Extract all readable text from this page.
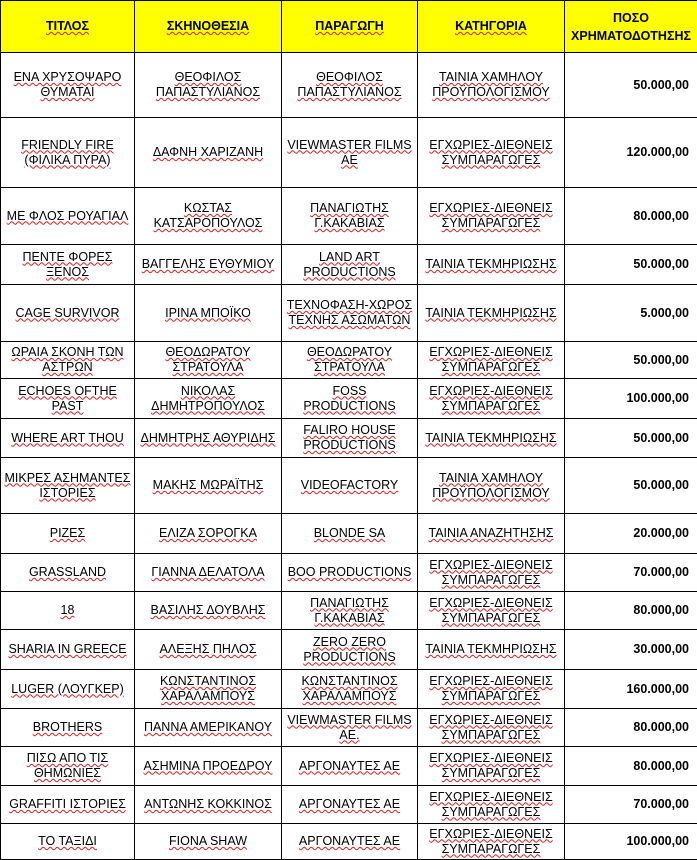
ΤΙΤΛΟΣ	ΣΚΗΝΟΘΕΣΙΑ	ΠΑΡΑΓΩΓΗ	ΚΑΤΗΓΟΡΙΑ	ΠΟΣΟ
ΧΡΗΜΑΤΟΔΟΤΗΣΗΣ
ΕΝΑ ΧΡΥΣΟΨΑΡΟ ΘΥΜΑΤΑΙ	ΘΕΟΦΙΛΟΣ ΠΑΠΑΣΤΥΛΙΑΝΟΣ	ΘΕΟΦΙΛΟΣ ΠΑΠΑΣΤΥΛΙΑΝΟΣ	ΤΑΙΝΙΑ ΧΑΜΗΛΟΥ ΠΡΟΫΠΟΛΟΓΙΣΜΟΥ	50.000,00
FRIENDLY FIRE (ΦΙΛΙΚΑ ΠΥΡΑ)	ΔΑΦΝΗ ΧΑΡΙΖΑΝΗ	VIEWMASTER FILMS AE	ΕΓΧΩΡΙΕΣ-ΔΙΕΘΝΕΙΣ ΣΥΜΠΑΡΑΓΩΓΕΣ	120.000,00
ΜΕ ΦΛΟΣ ΡΟΥΑΓΙΑΛ	ΚΩΣΤΑΣ ΚΑΤΣΑΡΟΠΟΥΛΟΣ	ΠΑΝΑΓΙΩΤΗΣ Γ.ΚΑΚΑΒΙΑΣ	ΕΓΧΩΡΙΕΣ-ΔΙΕΘΝΕΙΣ ΣΥΜΠΑΡΑΓΩΓΕΣ	80.000,00
ΠΕΝΤΕ ΦΟΡΕΣ ΞΕΝΟΣ	ΒΑΓΓΕΛΗΣ ΕΥΘΥΜΙΟΥ	LAND ART PRODUCTIONS	ΤΑΙΝΙΑ ΤΕΚΜΗΡΙΩΣΗΣ	50.000,00
CAGE SURVIVOR	ΙΡΙΝΑ ΜΠΟΪΚΟ	ΤΕΧΝΟΦΑΣΗ-ΧΩΡΟΣ ΤΕΧΝΗΣ ΑΣΩΜΑΤΩΝ	ΤΑΙΝΙΑ ΤΕΚΜΗΡΙΩΣΗΣ	5.000,00
ΩΡΑΙΑ ΣΚΟΝΗ ΤΩΝ ΑΣΤΡΩΝ	ΘΕΟΔΩΡΑΤΟΥ ΣΤΡΑΤΟΥΛΑ	ΘΕΟΔΩΡΑΤΟΥ ΣΤΡΑΤΟΥΛΑ	ΕΓΧΩΡΙΕΣ-ΔΙΕΘΝΕΙΣ ΣΥΜΠΑΡΑΓΩΓΕΣ	50.000,00
ECHOES OFTHE PAST	ΝΙΚΟΛΑΣ ΔΗΜΗΤΡΟΠΟΥΛΟΣ	FOSS PRODUCTIONS	ΕΓΧΩΡΙΕΣ-ΔΙΕΘΝΕΙΣ ΣΥΜΠΑΡΑΓΩΓΕΣ	100.000,00
WHERE ART THOU	ΔΗΜΗΤΡΗΣ ΑΘΥΡΙΔΗΣ	FALIRO HOUSE PRODUCTIONS	ΤΑΙΝΙΑ ΤΕΚΜΗΡΙΩΣΗΣ	50.000,00
ΜΙΚΡΕΣ ΑΣΗΜΑΝΤΕΣ ΙΣΤΟΡΙΕΣ	ΜΑΚΗΣ ΜΩΡΑΪΤΗΣ	VIDEOFACTORY	ΤΑΙΝΙΑ ΧΑΜΗΛΟΥ ΠΡΟΫΠΟΛΟΓΙΣΜΟΥ	50.000,00
ΡΙΖΕΣ	ΕΛΙΖΑ ΣΟΡΟΓΚΑ	BLONDE SA	ΤΑΙΝΙΑ ΑΝΑΖΗΤΗΣΗΣ	20.000,00
GRASSLAND	ΓΙΑΝΝΑ ΔΕΛΑΤΟΛΑ	BOO PRODUCTIONS	ΕΓΧΩΡΙΕΣ-ΔΙΕΘΝΕΙΣ ΣΥΜΠΑΡΑΓΩΓΕΣ	70.000,00
18	ΒΑΣΙΛΗΣ ΔΟΥΒΛΗΣ	ΠΑΝΑΓΙΩΤΗΣ Γ.ΚΑΚΑΒΙΑΣ	ΕΓΧΩΡΙΕΣ-ΔΙΕΘΝΕΙΣ ΣΥΜΠΑΡΑΓΩΓΕΣ	80.000,00
SHARIA IN GREECE	ΑΛΕΞΗΣ ΠΗΛΟΣ	ZERO ZERO PRODUCTIONS	ΤΑΙΝΙΑ ΤΕΚΜΗΡΙΩΣΗΣ	30.000,00
LUGER (ΛΟΥΓΚΕΡ)	ΚΩΝΣΤΑΝΤΙΝΟΣ ΧΑΡΑΛΑΜΠΟΥΣ	ΚΩΝΣΤΑΝΤΙΝΟΣ ΧΑΡΑΛΑΜΠΟΥΣ	ΕΓΧΩΡΙΕΣ-ΔΙΕΘΝΕΙΣ ΣΥΜΠΑΡΑΓΩΓΕΣ	160.000,00
BROTHERS	ΠΑΝΝΑ ΑΜΕΡΙΚΑΝΟΥ	VIEWMASTER FILMS AE.	ΕΓΧΩΡΙΕΣ-ΔΙΕΘΝΕΙΣ ΣΥΜΠΑΡΑΓΩΓΕΣ	80.000,00
ΠΙΣΩ ΑΠΟ ΤΙΣ ΘΗΜΩΝΙΕΣ	ΑΣΗΜΙΝΑ ΠΡΟΕΔΡΟΥ	ΑΡΓΟΝΑΥΤΕΣ ΑΕ	ΕΓΧΩΡΙΕΣ-ΔΙΕΘΝΕΙΣ ΣΥΜΠΑΡΑΓΩΓΕΣ	80.000,00
GRAFFITI ΙΣΤΟΡΙΕΣ	ΑΝΤΩΝΗΣ ΚΟΚΚΙΝΟΣ	ΑΡΓΟΝΑΥΤΕΣ ΑΕ	ΕΓΧΩΡΙΕΣ-ΔΙΕΘΝΕΙΣ ΣΥΜΠΑΡΑΓΩΓΕΣ	70.000,00
ΤΟ ΤΑΞΙΔΙ	FIONA SHAW	ΑΡΓΟΝΑΥΤΕΣ ΑΕ	ΕΓΧΩΡΙΕΣ-ΔΙΕΘΝΕΙΣ ΣΥΜΠΑΡΑΓΩΓΕΣ	100.000,00
